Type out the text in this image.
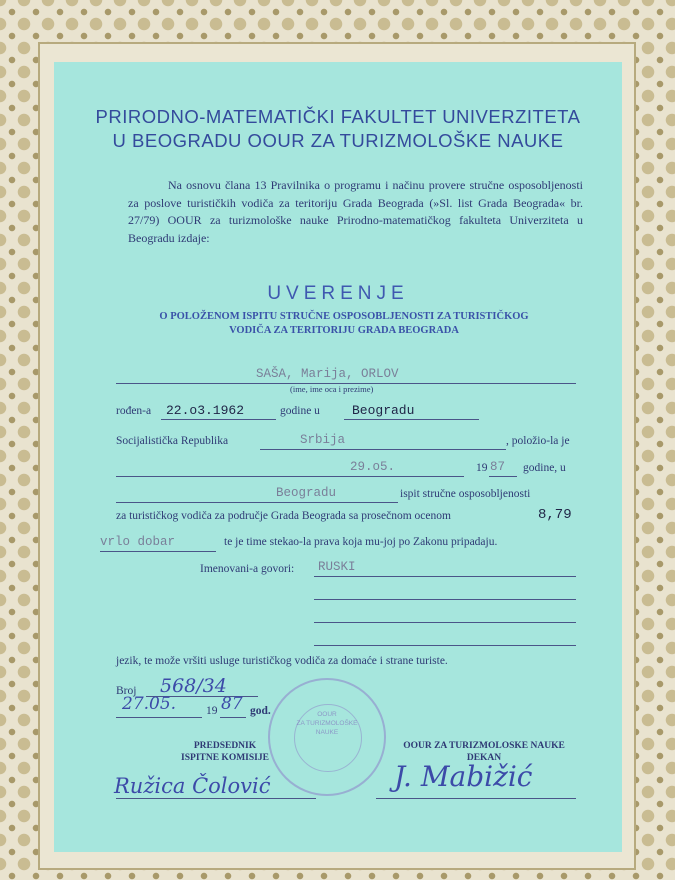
PRIRODNO-MATEMATIČKI FAKULTET UNIVERZITETA
U BEOGRADU OOUR ZA TURIZMOLOŠKE NAUKE
Na osnovu člana 13 Pravilnika o programu i načinu provere stručne osposobljenosti za poslove turističkih vodiča za teritoriju Grada Beograda (»Sl. list Grada Beograda« br. 27/79) OOUR za turizmološke nauke Prirodno-matematičkog fakulteta Univerziteta u Beogradu izdaje:
UVERENJE
O POLOŽENOM ISPITU STRUČNE OSPOSOBLJENOSTI ZA TURISTIČKOG
VODIČA ZA TERITORIJU GRADA BEOGRADA
SAŠA, Marija, ORLOV
(ime, ime oca i prezime)
rođen-a 22.o3.1962	godine u Beogradu
Socijalistička Republika	Srbija	, položio-la je
29.o5.	19 87 godine, u
Beogradu	ispit stručne osposobljenosti
za turističkog vodiča za područje Grada Beograda sa prosečnom ocenom	8,79
vrlo dobar	te je time stekao-la prava koja mu-joj po Zakonu pripadaju.
Imenovani-a govori: RUSKI
jezik, te može vršiti usluge turističkog vodiča za domaće i strane turiste.
Broj 568/34
27.05.	19 87 god.
PREDSEDNIK
ISPITNE KOMISIJE
Ružica Čolović
OOUR ZA TURIZMOLOSKE NAUKE
DEKAN
J. Mabižić
OOUR
ZA TURIZMOLOŠKE
NAUKE
